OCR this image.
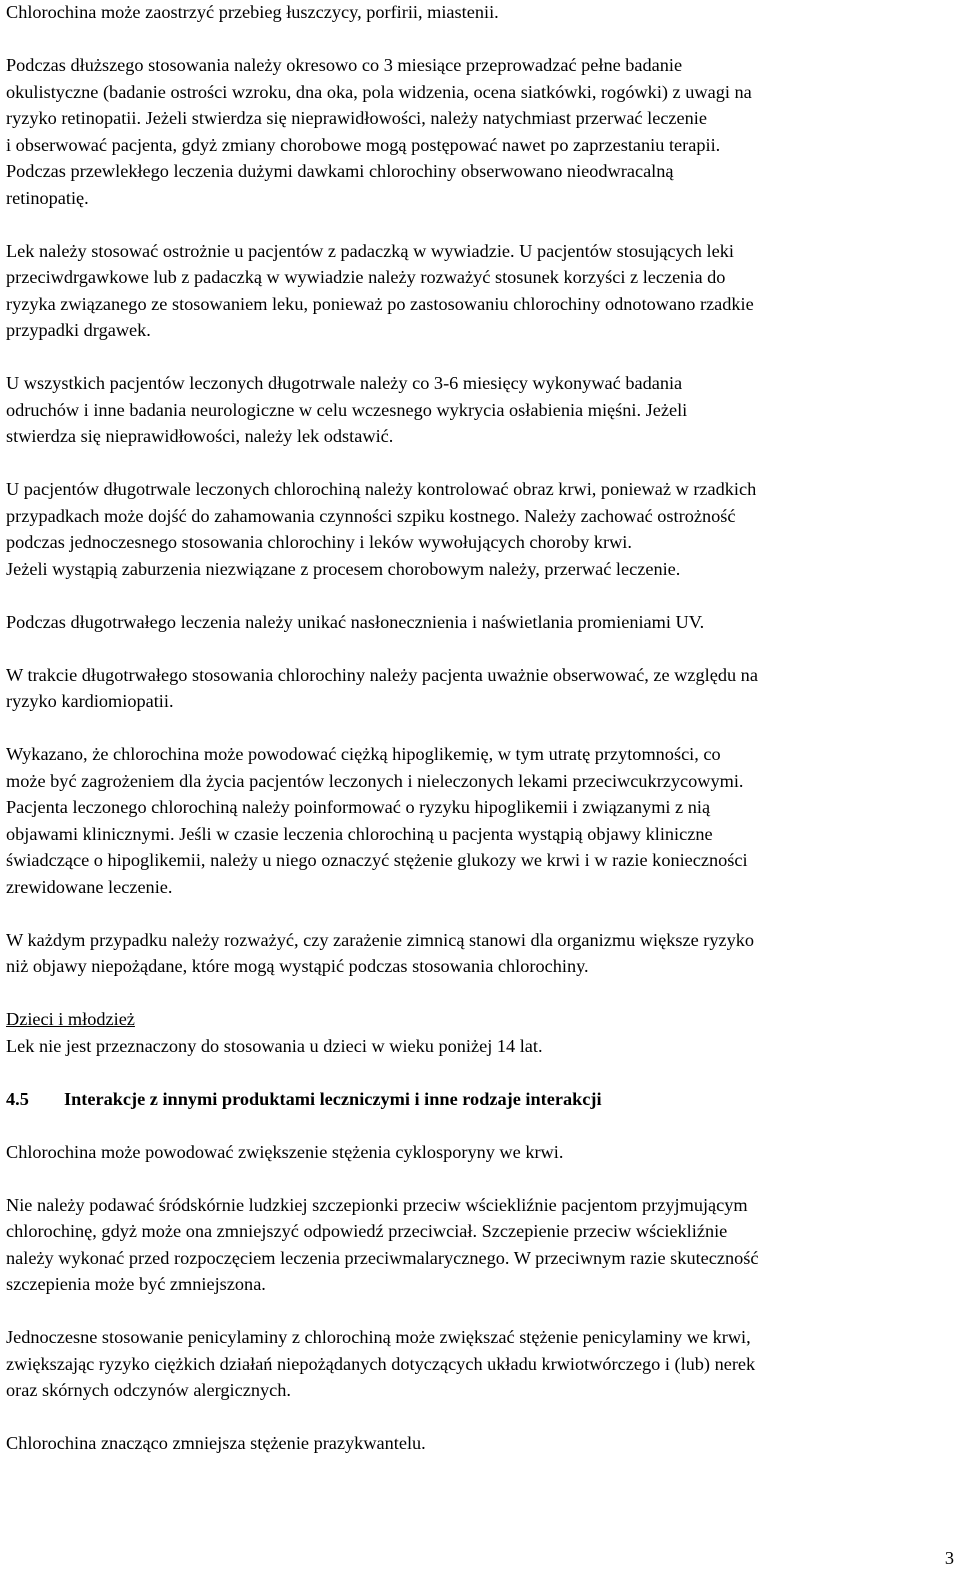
Chlorochina może zaostrzyć przebieg łuszczycy, porfirii, miastenii.
Podczas dłuższego stosowania należy okresowo co 3 miesiące przeprowadzać pełne badanie
okulistyczne (badanie ostrości wzroku, dna oka, pola widzenia, ocena siatkówki, rogówki) z uwagi na
ryzyko retinopatii. Jeżeli stwierdza się nieprawidłowości, należy natychmiast przerwać leczenie
i obserwować pacjenta, gdyż zmiany chorobowe mogą postępować nawet po zaprzestaniu terapii.
Podczas przewlekłego leczenia dużymi dawkami chlorochiny obserwowano nieodwracalną
retinopatię.
Lek należy stosować ostrożnie u pacjentów z padaczką w wywiadzie. U pacjentów stosujących leki
przeciwdrgawkowe lub z padaczką w wywiadzie należy rozważyć stosunek korzyści z leczenia do
ryzyka związanego ze stosowaniem leku, ponieważ po zastosowaniu chlorochiny odnotowano rzadkie
przypadki drgawek.
U wszystkich pacjentów leczonych długotrwale należy co 3-6 miesięcy wykonywać badania
odruchów i inne badania neurologiczne w celu wczesnego wykrycia osłabienia mięśni. Jeżeli
stwierdza się nieprawidłowości, należy lek odstawić.
U pacjentów długotrwale leczonych chlorochiną należy kontrolować obraz krwi, ponieważ w rzadkich
przypadkach może dojść do zahamowania czynności szpiku kostnego. Należy zachować ostrożność
podczas jednoczesnego stosowania chlorochiny i leków wywołujących choroby krwi.
Jeżeli wystąpią zaburzenia niezwiązane z procesem chorobowym należy, przerwać leczenie.
Podczas długotrwałego leczenia należy unikać nasłonecznienia i naświetlania promieniami UV.
W trakcie długotrwałego stosowania chlorochiny należy pacjenta uważnie obserwować, ze względu na
ryzyko kardiomiopatii.
Wykazano, że chlorochina może powodować ciężką hipoglikemię, w tym utratę przytomności, co
może być zagrożeniem dla życia pacjentów leczonych i nieleczonych lekami przeciwcukrzycowymi.
Pacjenta leczonego chlorochiną należy poinformować o ryzyku hipoglikemii i związanymi z nią
objawami klinicznymi. Jeśli w czasie leczenia chlorochiną u pacjenta wystąpią objawy kliniczne
świadczące o hipoglikemii, należy u niego oznaczyć stężenie glukozy we krwi i w razie konieczności
zrewidowane leczenie.
W każdym przypadku należy rozważyć, czy zarażenie zimnicą stanowi dla organizmu większe ryzyko
niż objawy niepożądane, które mogą wystąpić podczas stosowania chlorochiny.
Dzieci i młodzież
Lek nie jest przeznaczony do stosowania u dzieci w wieku poniżej 14 lat.
4.5 Interakcje z innymi produktami leczniczymi i inne rodzaje interakcji
Chlorochina może powodować zwiększenie stężenia cyklosporyny we krwi.
Nie należy podawać śródskórnie ludzkiej szczepionki przeciw wściekliźnie pacjentom przyjmującym
chlorochinę, gdyż może ona zmniejszyć odpowiedź przeciwciał. Szczepienie przeciw wściekliźnie
należy wykonać przed rozpoczęciem leczenia przeciwmalarycznego. W przeciwnym razie skuteczność
szczepienia może być zmniejszona.
Jednoczesne stosowanie penicylaminy z chlorochiną może zwiększać stężenie penicylaminy we krwi,
zwiększając ryzyko ciężkich działań niepożądanych dotyczących układu krwiotwórczego i (lub) nerek
oraz skórnych odczynów alergicznych.
Chlorochina znacząco zmniejsza stężenie prazykwantelu.
3
